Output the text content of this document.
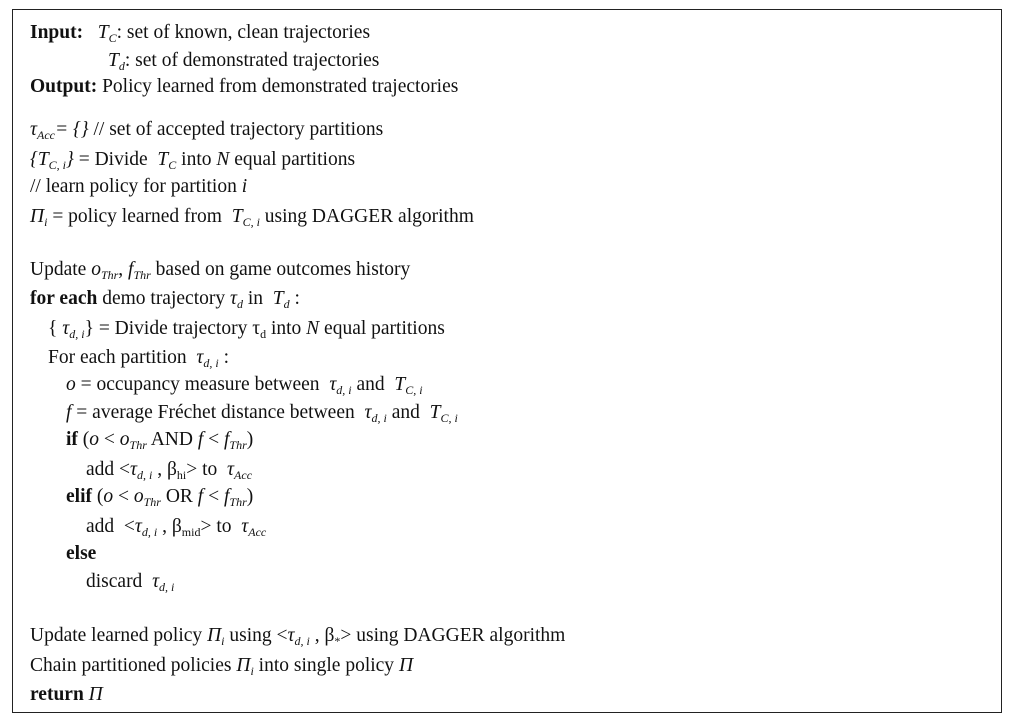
Input: $T_C$: set of known, clean trajectories
$T_d$: set of demonstrated trajectories
Output: Policy learned from demonstrated trajectories
$\tau_{Acc}=$ {} // set of accepted trajectory partitions
$\{T_{C, i}\}$ = Divide  $T_C$ into N equal partitions
// learn policy for partition i
$\Pi_i$ = policy learned from  $T_{C, i}$ using DAGGER algorithm
Update $o_{Thr}$, $f_{Thr}$ based on game outcomes history
for each demo trajectory $\tau_d$ in  $T_d$ :
{ $\tau_{d, i}$} = Divide trajectory $\tau_d$ into N equal partitions
For each partition  $\tau_{d, i}$ :
o = occupancy measure between  $\tau_{d, i}$ and  $T_{C, i}$
f = average Fréchet distance between  $\tau_{d, i}$ and  $T_{C, i}$
if ($o < o_{Thr}$ AND $f < f_{Thr}$)
add $<\tau_{d, i}$ , $\beta_{hi}>$ to  $\tau_{Acc}$
elif ($o < o_{Thr}$ OR $f < f_{Thr}$)
add  $<\tau_{d, i}$ , $\beta_{mid}>$ to  $\tau_{Acc}$
else
discard  $\tau_{d, i}$
Update learned policy $\Pi_i$ $using <\tau_{d, i}$ , $\beta_*> using$ DAGGER algorithm
Chain partitioned policies $\Pi_i$ into single policy Π
return Π
